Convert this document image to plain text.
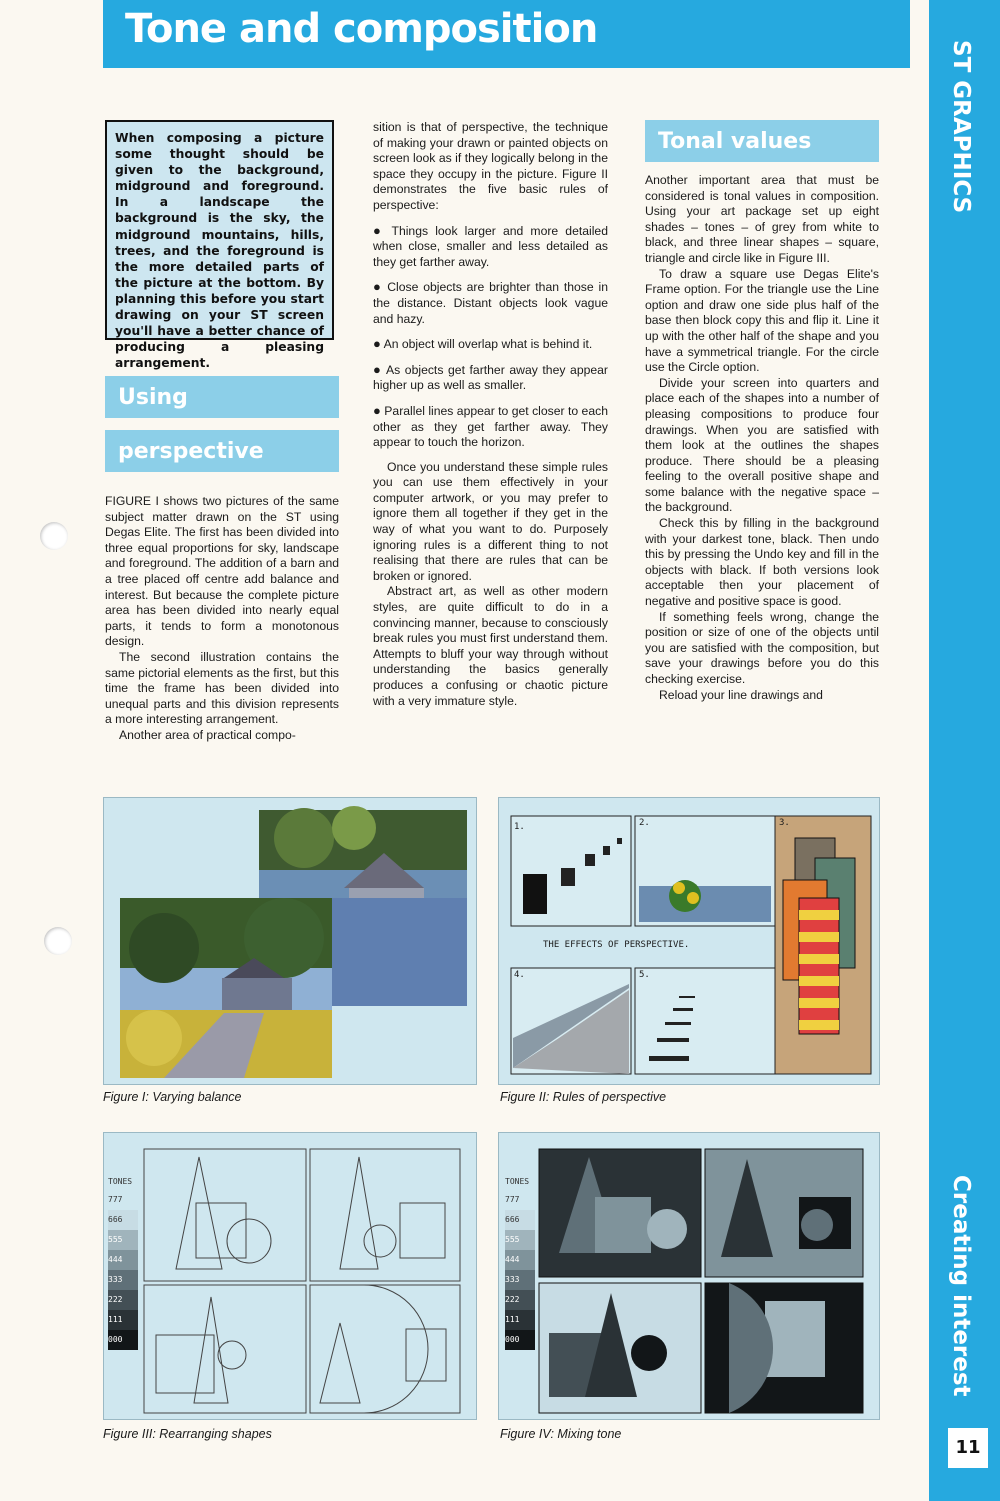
Tone and composition
ST GRAPHICS
Creating interest
11
When composing a picture some thought should be given to the background, midground and foreground. In a landscape the background is the sky, the midground mountains, hills, trees, and the foreground is the more detailed parts of the picture at the bottom. By planning this before you start drawing on your ST screen you'll have a better chance of producing a pleasing arrangement.
Using
perspective
Tonal values

FIGURE I shows two pictures of the same subject matter drawn on the ST using Degas Elite. The first has been divided into three equal proportions for sky, landscape and foreground. The addition of a barn and a tree placed off centre add balance and interest. But because the complete picture area has been divided into nearly equal parts, it tends to form a monotonous design.

The second illustration contains the same pictorial elements as the first, but this time the frame has been divided into unequal parts and this division represents a more interesting arrangement.

Another area of practical compo-

sition is that of perspective, the technique of making your drawn or painted objects on screen look as if they logically belong in the space they occupy in the picture. Figure II demonstrates the five basic rules of perspective:

● Things look larger and more detailed when close, smaller and less detailed as they get farther away.

● Close objects are brighter than those in the distance. Distant objects look vague and hazy.

● An object will overlap what is behind it.

● As objects get farther away they appear higher up as well as smaller.

● Parallel lines appear to get closer to each other as they get farther away. They appear to touch the horizon.

Once you understand these simple rules you can use them effectively in your computer artwork, or you may prefer to ignore them all together if they get in the way of what you want to do. Purposely ignoring rules is a different thing to not realising that there are rules that can be broken or ignored.

Abstract art, as well as other modern styles, are quite difficult to do in a convincing manner, because to consciously break rules you must first understand them. Attempts to bluff your way through without understanding the basics generally produces a confusing or chaotic picture with a very immature style.

Another important area that must be considered is tonal values in composition. Using your art package set up eight shades – tones – of grey from white to black, and three linear shapes – square, triangle and circle like in Figure III.

To draw a square use Degas Elite's Frame option. For the triangle use the Line option and draw one side plus half of the base then block copy this and flip it. Line it up with the other half of the shape and you have a symmetrical triangle. For the circle use the Circle option.

Divide your screen into quarters and place each of the shapes into a number of pleasing compositions to produce four drawings. When you are satisfied with them look at the outlines the shapes produce. There should be a pleasing feeling to the overall positive shape and some balance with the negative space – the background.

Check this by filling in the background with your darkest tone, black. Then undo this by pressing the Undo key and fill in the objects with black. If both versions look acceptable then your placement of negative and positive space is good.

If something feels wrong, change the position or size of one of the objects until you are satisfied with the composition, but save your drawings before you do this checking exercise.

Reload your line drawings and

Figure I: Varying balance
1.	2.	3.
4.	5.
THE EFFECTS OF PERSPECTIVE.
Figure II: Rules of perspective
TONES
777
666
555
444
333
222
111
000
Figure III: Rearranging shapes
TONES
777
666
555
444
333
222
111
000
Figure IV: Mixing tone
